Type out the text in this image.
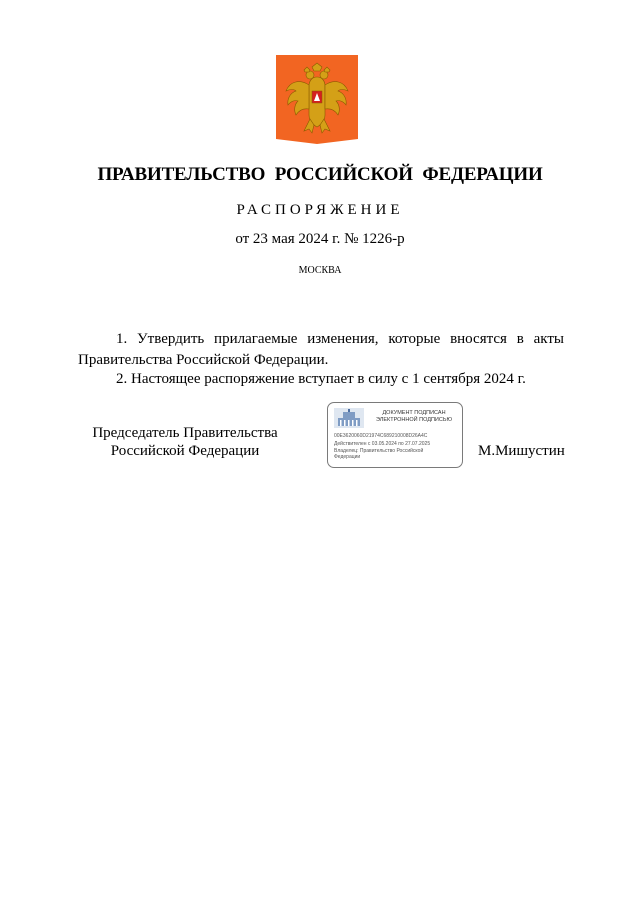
ПРАВИТЕЛЬСТВО РОССИЙСКОЙ ФЕДЕРАЦИИ
РАСПОРЯЖЕНИЕ
от 23 мая 2024 г. № 1226-р
МОСКВА
1. Утвердить прилагаемые изменения, которые вносятся в акты
Правительства Российской Федерации.
2. Настоящее распоряжение вступает в силу с 1 сентября 2024 г.
Председатель Правительства
Российской Федерации
ДОКУМЕНТ ПОДПИСАН
ЭЛЕКТРОННОЙ ПОДПИСЬЮ
00E3620060D21974C689210008D26A4C
Действителен с 03.05.2024 по 27.07.2025
Владелец: Правительство Российской
Федерации	М.Мишустин
